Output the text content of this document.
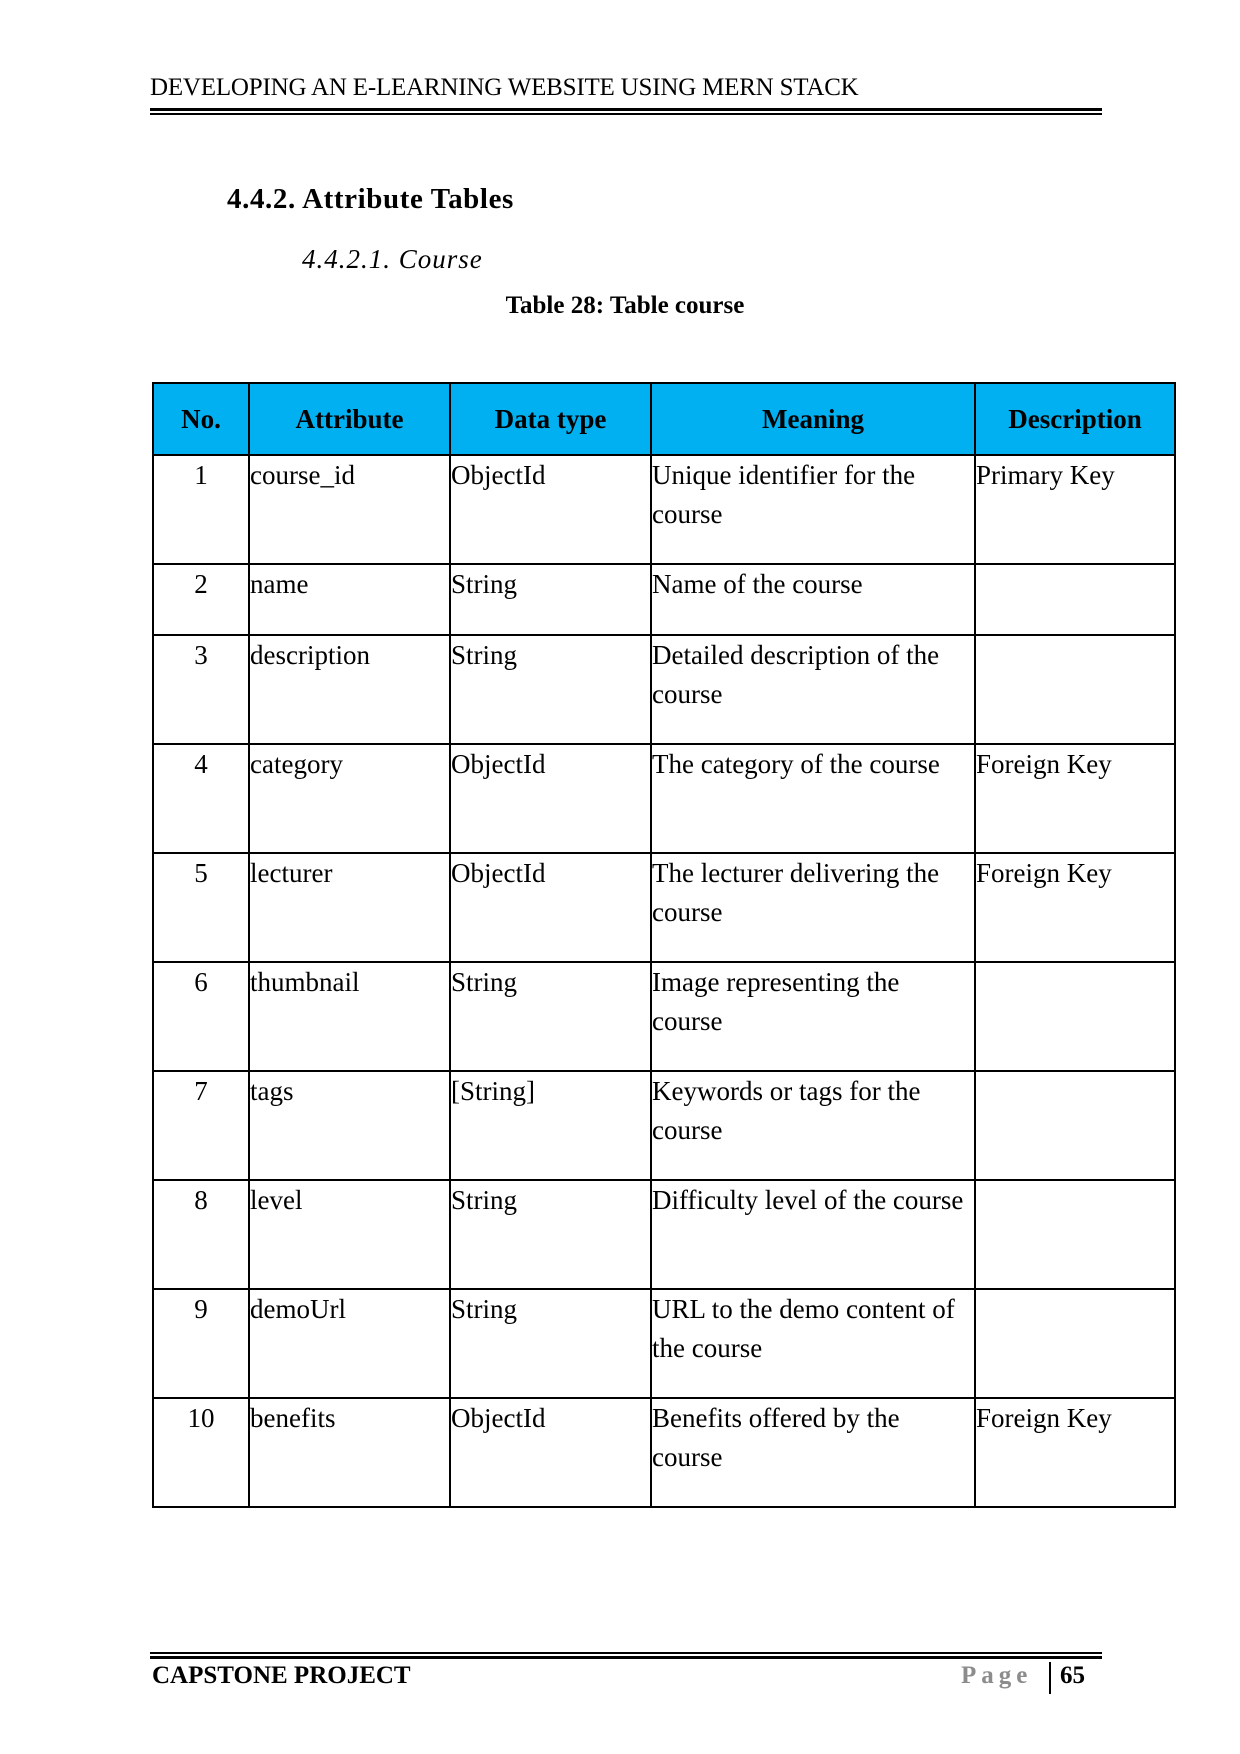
DEVELOPING AN E-LEARNING WEBSITE USING MERN STACK
4.4.2. Attribute Tables
4.4.2.1. Course
Table 28: Table course
No.	Attribute	Data type	Meaning	Description
1	course_id	ObjectId	Unique identifier for the course	Primary Key
2	name	String	Name of the course	
3	description	String	Detailed description of the course	
4	category	ObjectId	The category of the course	Foreign Key
5	lecturer	ObjectId	The lecturer delivering the course	Foreign Key
6	thumbnail	String	Image representing the course	
7	tags	[String]	Keywords or tags for the course	
8	level	String	Difficulty level of the course	
9	demoUrl	String	URL to the demo content of the course	
10	benefits	ObjectId	Benefits offered by the course	Foreign Key
CAPSTONE PROJECT	Page 65
